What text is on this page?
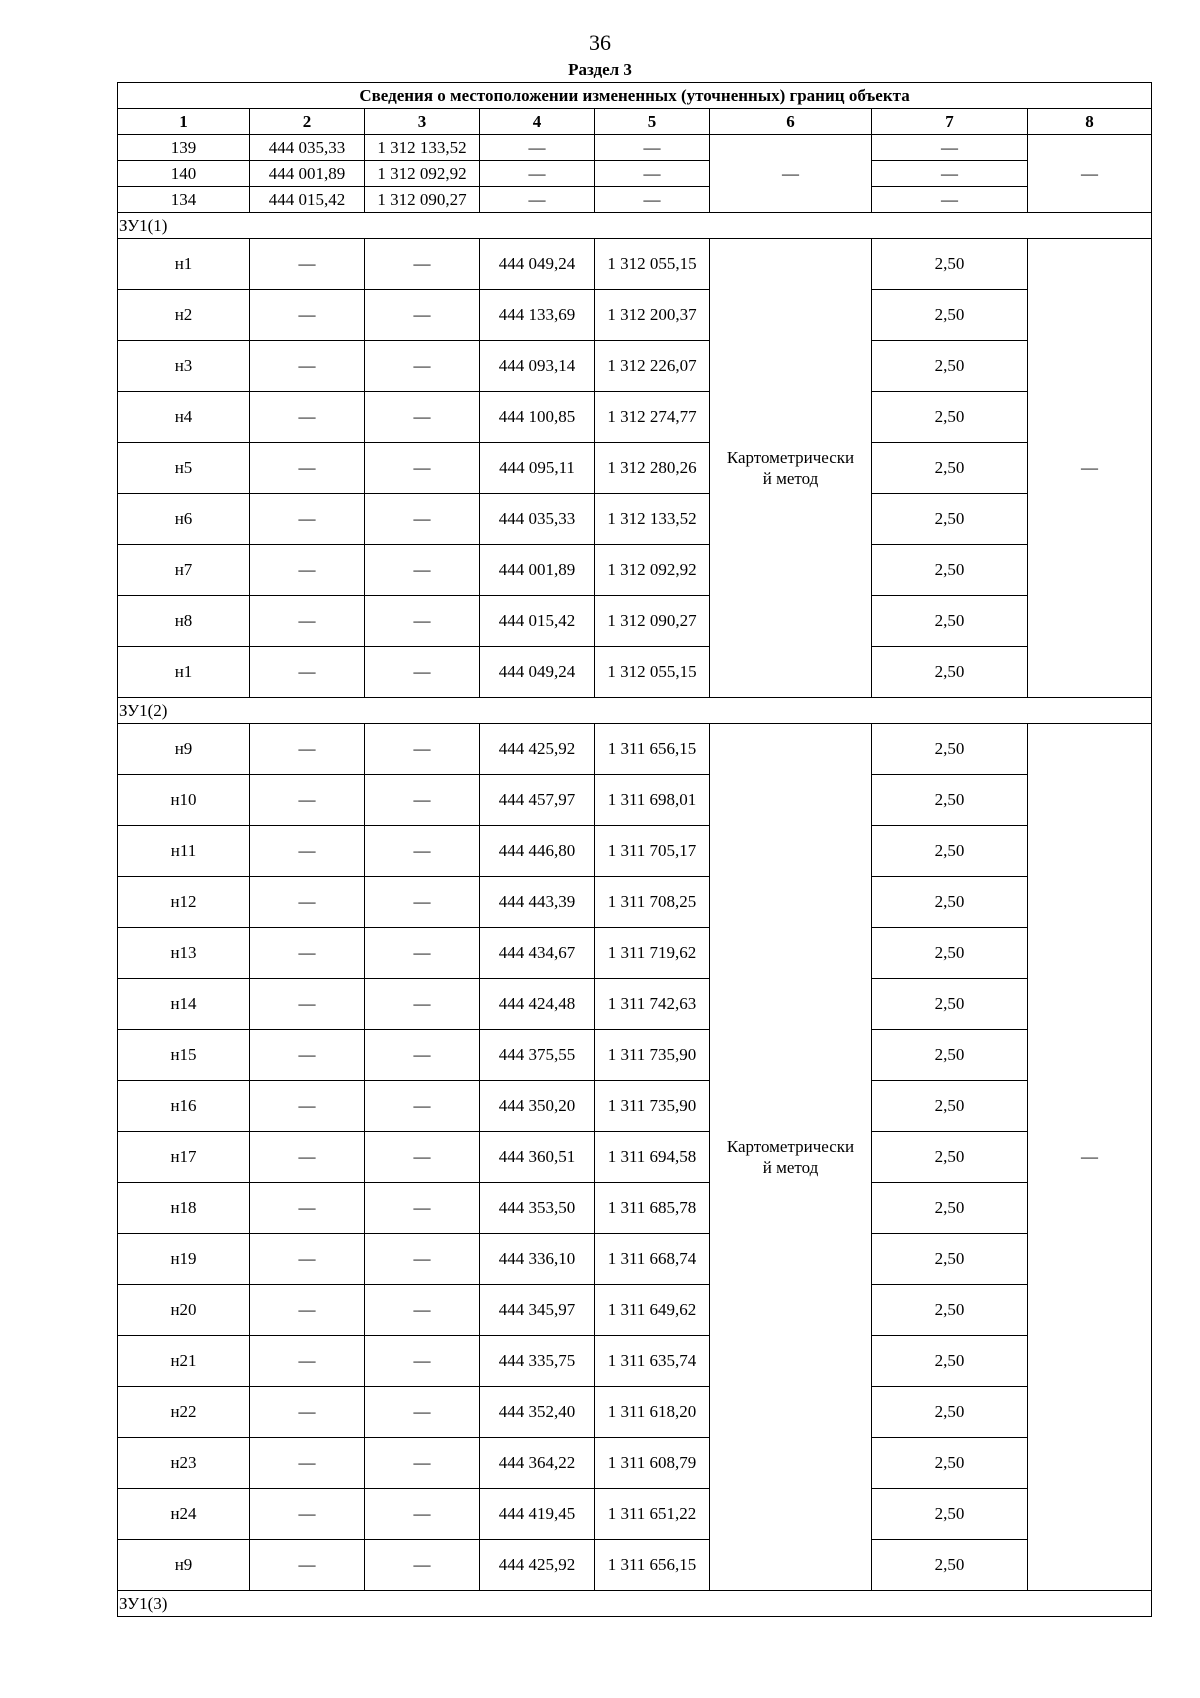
36
Раздел 3
Сведения о местоположении измененных (уточненных) границ объекта							
1	2	3	4	5	6	7	8
139	444 035,33	1 312 133,52	—	—	—	—	—
140	444 001,89	1 312 092,92	—	—		—	
134	444 015,42	1 312 090,27	—	—		—	
ЗУ1(1)							
н1	—	—	444 049,24	1 312 055,15	Картометрически
й метод	2,50	—
н2	—	—	444 133,69	1 312 200,37		2,50	
н3	—	—	444 093,14	1 312 226,07		2,50	
н4	—	—	444 100,85	1 312 274,77		2,50	
н5	—	—	444 095,11	1 312 280,26		2,50	
н6	—	—	444 035,33	1 312 133,52		2,50	
н7	—	—	444 001,89	1 312 092,92		2,50	
н8	—	—	444 015,42	1 312 090,27		2,50	
н1	—	—	444 049,24	1 312 055,15		2,50	
ЗУ1(2)							
н9	—	—	444 425,92	1 311 656,15	Картометрически
й метод	2,50	—
н10	—	—	444 457,97	1 311 698,01		2,50	
н11	—	—	444 446,80	1 311 705,17		2,50	
н12	—	—	444 443,39	1 311 708,25		2,50	
н13	—	—	444 434,67	1 311 719,62		2,50	
н14	—	—	444 424,48	1 311 742,63		2,50	
н15	—	—	444 375,55	1 311 735,90		2,50	
н16	—	—	444 350,20	1 311 735,90		2,50	
н17	—	—	444 360,51	1 311 694,58		2,50	
н18	—	—	444 353,50	1 311 685,78		2,50	
н19	—	—	444 336,10	1 311 668,74		2,50	
н20	—	—	444 345,97	1 311 649,62		2,50	
н21	—	—	444 335,75	1 311 635,74		2,50	
н22	—	—	444 352,40	1 311 618,20		2,50	
н23	—	—	444 364,22	1 311 608,79		2,50	
н24	—	—	444 419,45	1 311 651,22		2,50	
н9	—	—	444 425,92	1 311 656,15		2,50	
ЗУ1(3)							
